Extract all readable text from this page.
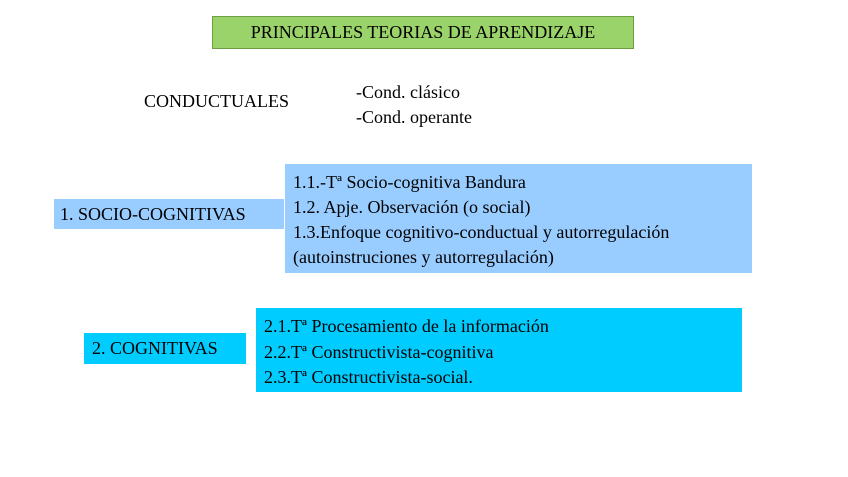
PRINCIPALES TEORIAS DE APRENDIZAJE
CONDUCTUALES	-Cond. clásico
-Cond. operante
1. SOCIO-COGNITIVAS
1.1.-Tª Socio-cognitiva Bandura
1.2. Apje. Observación (o social)
1.3.Enfoque cognitivo-conductual y autorregulación
(autoinstruciones y autorregulación)
2. COGNITIVAS
2.1.Tª Procesamiento de la información
2.2.Tª Constructivista-cognitiva
2.3.Tª Constructivista-social.
